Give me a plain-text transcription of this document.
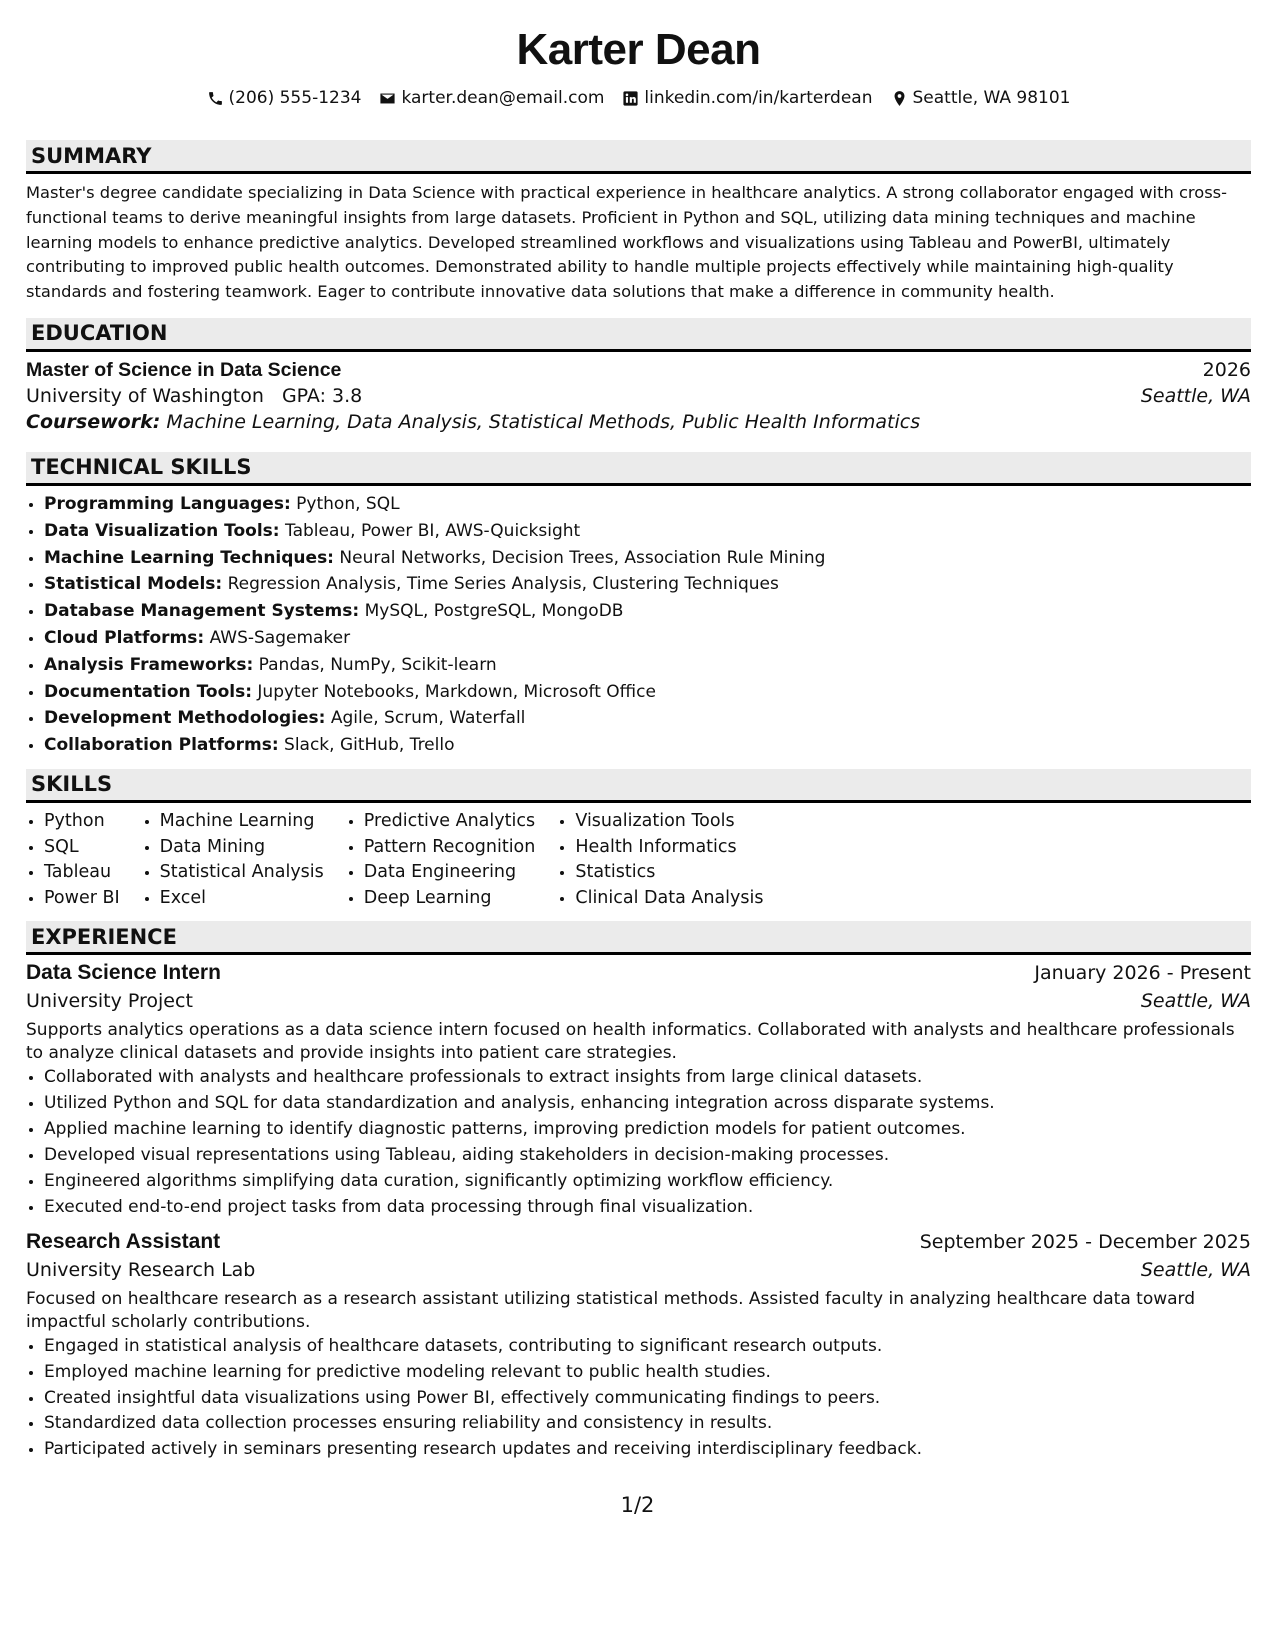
Karter Dean
(206) 555-1234 karter.dean@email.com linkedin.com/in/karterdean Seattle, WA 98101
SUMMARY
Master's degree candidate specializing in Data Science with practical experience in healthcare analytics. A strong collaborator engaged with cross-functional teams to derive meaningful insights from large datasets. Proficient in Python and SQL, utilizing data mining techniques and machine learning models to enhance predictive analytics. Developed streamlined workflows and visualizations using Tableau and PowerBI, ultimately contributing to improved public health outcomes. Demonstrated ability to handle multiple projects effectively while maintaining high-quality standards and fostering teamwork. Eager to contribute innovative data solutions that make a difference in community health.
EDUCATION
Master of Science in Data Science	2026
University of Washington GPA: 3.8	Seattle, WA
Coursework: Machine Learning, Data Analysis, Statistical Methods, Public Health Informatics
TECHNICAL SKILLS
• Programming Languages: Python, SQL
• Data Visualization Tools: Tableau, Power BI, AWS-Quicksight
• Machine Learning Techniques: Neural Networks, Decision Trees, Association Rule Mining
• Statistical Models: Regression Analysis, Time Series Analysis, Clustering Techniques
• Database Management Systems: MySQL, PostgreSQL, MongoDB
• Cloud Platforms: AWS-Sagemaker
• Analysis Frameworks: Pandas, NumPy, Scikit-learn
• Documentation Tools: Jupyter Notebooks, Markdown, Microsoft Office
• Development Methodologies: Agile, Scrum, Waterfall
• Collaboration Platforms: Slack, GitHub, Trello
SKILLS
• Python
• SQL
• Tableau
• Power BI
• Machine Learning
• Data Mining
• Statistical Analysis
• Excel
• Predictive Analytics
• Pattern Recognition
• Data Engineering
• Deep Learning
• Visualization Tools
• Health Informatics
• Statistics
• Clinical Data Analysis
EXPERIENCE
Data Science Intern	January 2026 - Present
University Project	Seattle, WA
Supports analytics operations as a data science intern focused on health informatics. Collaborated with analysts and healthcare professionals to analyze clinical datasets and provide insights into patient care strategies.
• Collaborated with analysts and healthcare professionals to extract insights from large clinical datasets.
• Utilized Python and SQL for data standardization and analysis, enhancing integration across disparate systems.
• Applied machine learning to identify diagnostic patterns, improving prediction models for patient outcomes.
• Developed visual representations using Tableau, aiding stakeholders in decision-making processes.
• Engineered algorithms simplifying data curation, significantly optimizing workflow efficiency.
• Executed end-to-end project tasks from data processing through final visualization.
Research Assistant	September 2025 - December 2025
University Research Lab	Seattle, WA
Focused on healthcare research as a research assistant utilizing statistical methods. Assisted faculty in analyzing healthcare data toward impactful scholarly contributions.
• Engaged in statistical analysis of healthcare datasets, contributing to significant research outputs.
• Employed machine learning for predictive modeling relevant to public health studies.
• Created insightful data visualizations using Power BI, effectively communicating findings to peers.
• Standardized data collection processes ensuring reliability and consistency in results.
• Participated actively in seminars presenting research updates and receiving interdisciplinary feedback.
1/2
